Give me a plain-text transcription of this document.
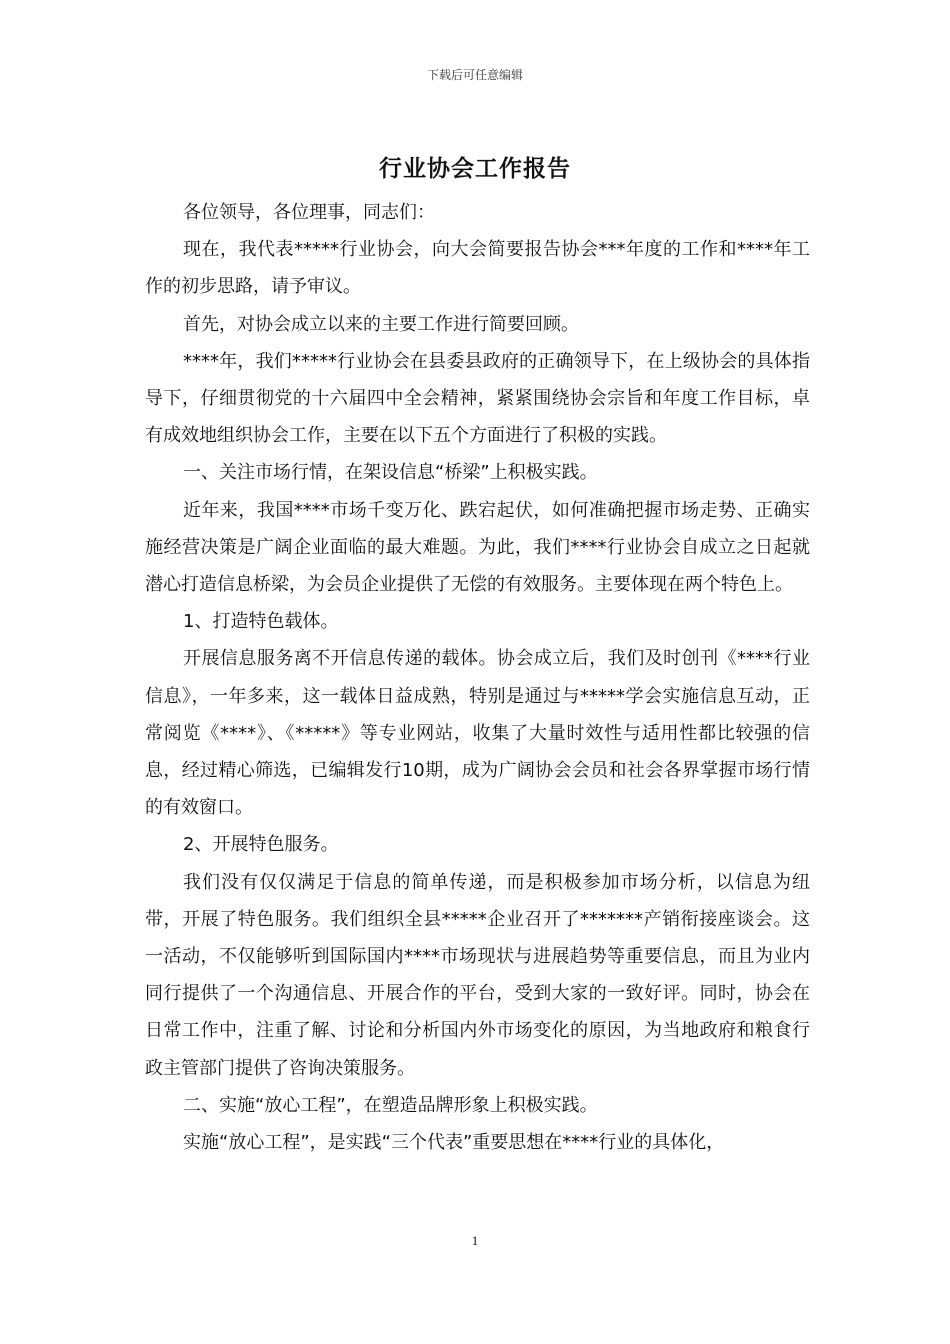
下载后可任意编辑
行业协会工作报告

各位领导，各位理事，同志们：

现在，我代表*****行业协会，向大会简要报告协会***年度的工作和****年工作的初步思路，请予审议。

首先，对协会成立以来的主要工作进行简要回顾。

****年，我们*****行业协会在县委县政府的正确领导下，在上级协会的具体指导下，仔细贯彻党的十六届四中全会精神，紧紧围绕协会宗旨和年度工作目标，卓有成效地组织协会工作，主要在以下五个方面进行了积极的实践。

一、关注市场行情，在架设信息“桥梁”上积极实践。

近年来，我国****市场千变万化、跌宕起伏，如何准确把握市场走势、正确实施经营决策是广阔企业面临的最大难题。为此，我们****行业协会自成立之日起就潜心打造信息桥梁，为会员企业提供了无偿的有效服务。主要体现在两个特色上。

1、打造特色载体。

开展信息服务离不开信息传递的载体。协会成立后，我们及时创刊《****行业信息》，一年多来，这一载体日益成熟，特别是通过与*****学会实施信息互动，正常阅览《****》、《*****》等专业网站，收集了大量时效性与适用性都比较强的信息，经过精心筛选，已编辑发行10期，成为广阔协会会员和社会各界掌握市场行情的有效窗口。

2、开展特色服务。

我们没有仅仅满足于信息的简单传递，而是积极参加市场分析，以信息为纽带，开展了特色服务。我们组织全县*****企业召开了*******产销衔接座谈会。这一活动，不仅能够听到国际国内****市场现状与进展趋势等重要信息，而且为业内同行提供了一个沟通信息、开展合作的平台，受到大家的一致好评。同时，协会在日常工作中，注重了解、讨论和分析国内外市场变化的原因，为当地政府和粮食行政主管部门提供了咨询决策服务。

二、实施“放心工程”，在塑造品牌形象上积极实践。

实施“放心工程”，是实践“三个代表”重要思想在****行业的具体化，

1
